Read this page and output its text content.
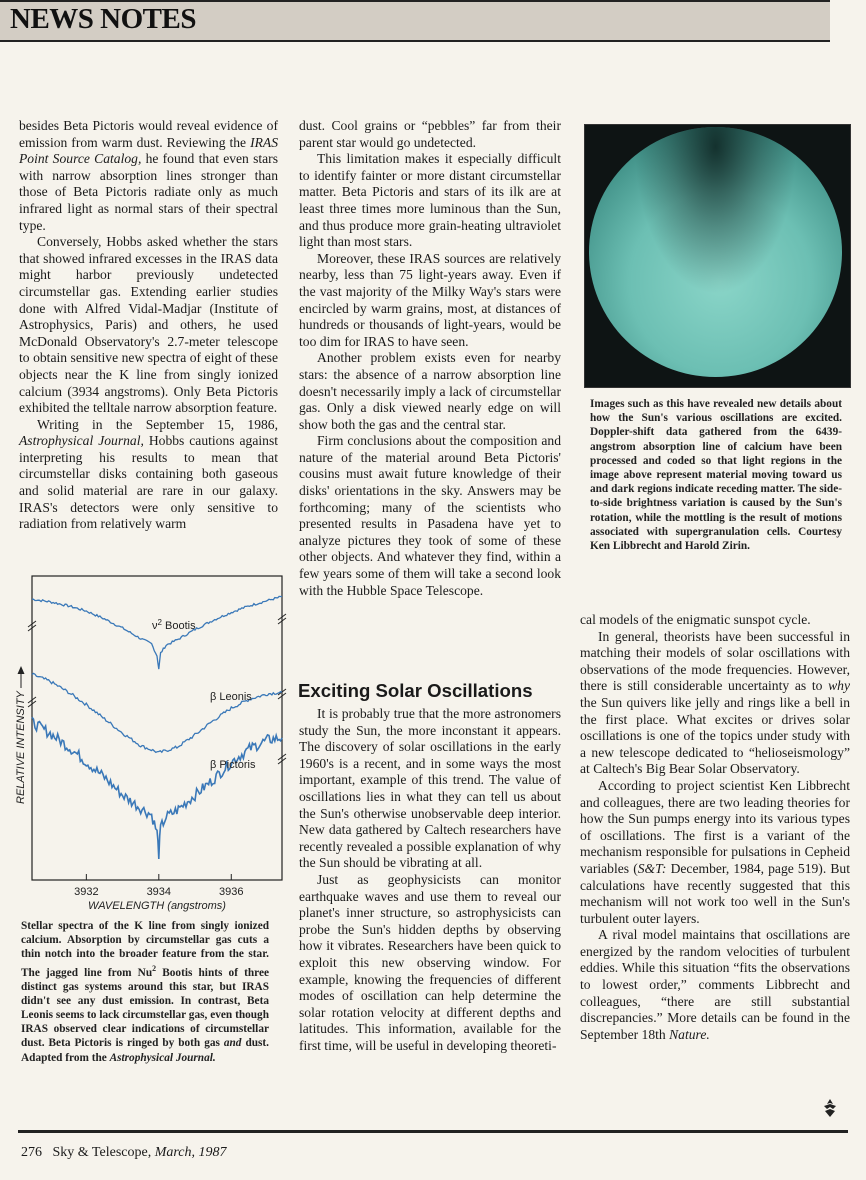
NEWS NOTES

besides Beta Pictoris would reveal evidence of emission from warm dust. Reviewing the IRAS Point Source Catalog, he found that even stars with narrow absorption lines stronger than those of Beta Pictoris radiate only as much infrared light as normal stars of their spectral type.

Conversely, Hobbs asked whether the stars that showed infrared excesses in the IRAS data might harbor previously undetected circumstellar gas. Extending earlier studies done with Alfred Vidal-Madjar (Institute of Astrophysics, Paris) and others, he used McDonald Observatory's 2.7-meter telescope to obtain sensitive new spectra of eight of these objects near the K line from singly ionized calcium (3934 angstroms). Only Beta Pictoris exhibited the telltale narrow absorption feature.

Writing in the September 15, 1986, Astrophysical Journal, Hobbs cautions against interpreting his results to mean that circumstellar disks containing both gaseous and solid material are rare in our galaxy. IRAS's detectors were only sensitive to radiation from relatively warm

$\nu^2$ Bootis
β Leonis
β Pictoris
3932	3934	3936
WAVELENGTH (angstroms)
RELATIVE INTENSITY
Stellar spectra of the K line from singly ionized calcium. Absorption by circumstellar gas cuts a thin notch into the broader feature from the star. The jagged line from Nu$^2$ Bootis hints of three distinct gas systems around this star, but IRAS didn't see any dust emission. In contrast, Beta Leonis seems to lack circumstellar gas, even though IRAS observed clear indications of circumstellar dust. Beta Pictoris is ringed by both gas and dust. Adapted from the Astrophysical Journal.

dust. Cool grains or “pebbles” far from their parent star would go undetected.

This limitation makes it especially difficult to identify fainter or more distant circumstellar matter. Beta Pictoris and stars of its ilk are at least three times more luminous than the Sun, and thus produce more grain-heating ultraviolet light than most stars.

Moreover, these IRAS sources are relatively nearby, less than 75 light-years away. Even if the vast majority of the Milky Way's stars were encircled by warm grains, most, at distances of hundreds or thousands of light-years, would be too dim for IRAS to have seen.

Another problem exists even for nearby stars: the absence of a narrow absorption line doesn't necessarily imply a lack of circumstellar gas. Only a disk viewed nearly edge on will show both the gas and the central star.

Firm conclusions about the composition and nature of the material around Beta Pictoris' cousins must await future knowledge of their disks' orientations in the sky. Answers may be forthcoming; many of the scientists who presented results in Pasadena have yet to analyze pictures they took of some of these other objects. And whatever they find, within a few years some of them will take a second look with the Hubble Space Telescope.

Exciting Solar Oscillations

It is probably true that the more astronomers study the Sun, the more inconstant it appears. The discovery of solar oscillations in the early 1960's is a recent, and in some ways the most important, example of this trend. The value of oscillations lies in what they can tell us about the Sun's otherwise unobservable deep interior. New data gathered by Caltech researchers have recently revealed a possible explanation of why the Sun should be vibrating at all.

Just as geophysicists can monitor earthquake waves and use them to reveal our planet's inner structure, so astrophysicists can probe the Sun's hidden depths by observing how it vibrates. Researchers have been quick to exploit this new observing window. For example, knowing the frequencies of different modes of oscillation can help determine the solar rotation velocity at different depths and latitudes. This information, available for the first time, will be useful in developing theoreti-

Images such as this have revealed new details about how the Sun's various oscillations are excited. Doppler-shift data gathered from the 6439-angstrom absorption line of calcium have been processed and coded so that light regions in the image above represent material moving toward us and dark regions indicate receding matter. The side-to-side brightness variation is caused by the Sun's rotation, while the mottling is the result of motions associated with supergranulation cells. Courtesy Ken Libbrecht and Harold Zirin.

cal models of the enigmatic sunspot cycle.

In general, theorists have been successful in matching their models of solar oscillations with observations of the mode frequencies. However, there is still considerable uncertainty as to why the Sun quivers like jelly and rings like a bell in the first place. What excites or drives solar oscillations is one of the topics under study with a new telescope dedicated to “helioseismology” at Caltech's Big Bear Solar Observatory.

According to project scientist Ken Libbrecht and colleagues, there are two leading theories for how the Sun pumps energy into its various types of oscillations. The first is a variant of the mechanism responsible for pulsations in Cepheid variables (S&T: December, 1984, page 519). But calculations have recently suggested that this mechanism will not work too well in the Sun's turbulent outer layers.

A rival model maintains that oscillations are energized by the random velocities of turbulent eddies. While this situation “fits the observations to lowest order,” comments Libbrecht and colleagues, “there are still substantial discrepancies.” More details can be found in the September 18th Nature.

276 Sky & Telescope, March, 1987
